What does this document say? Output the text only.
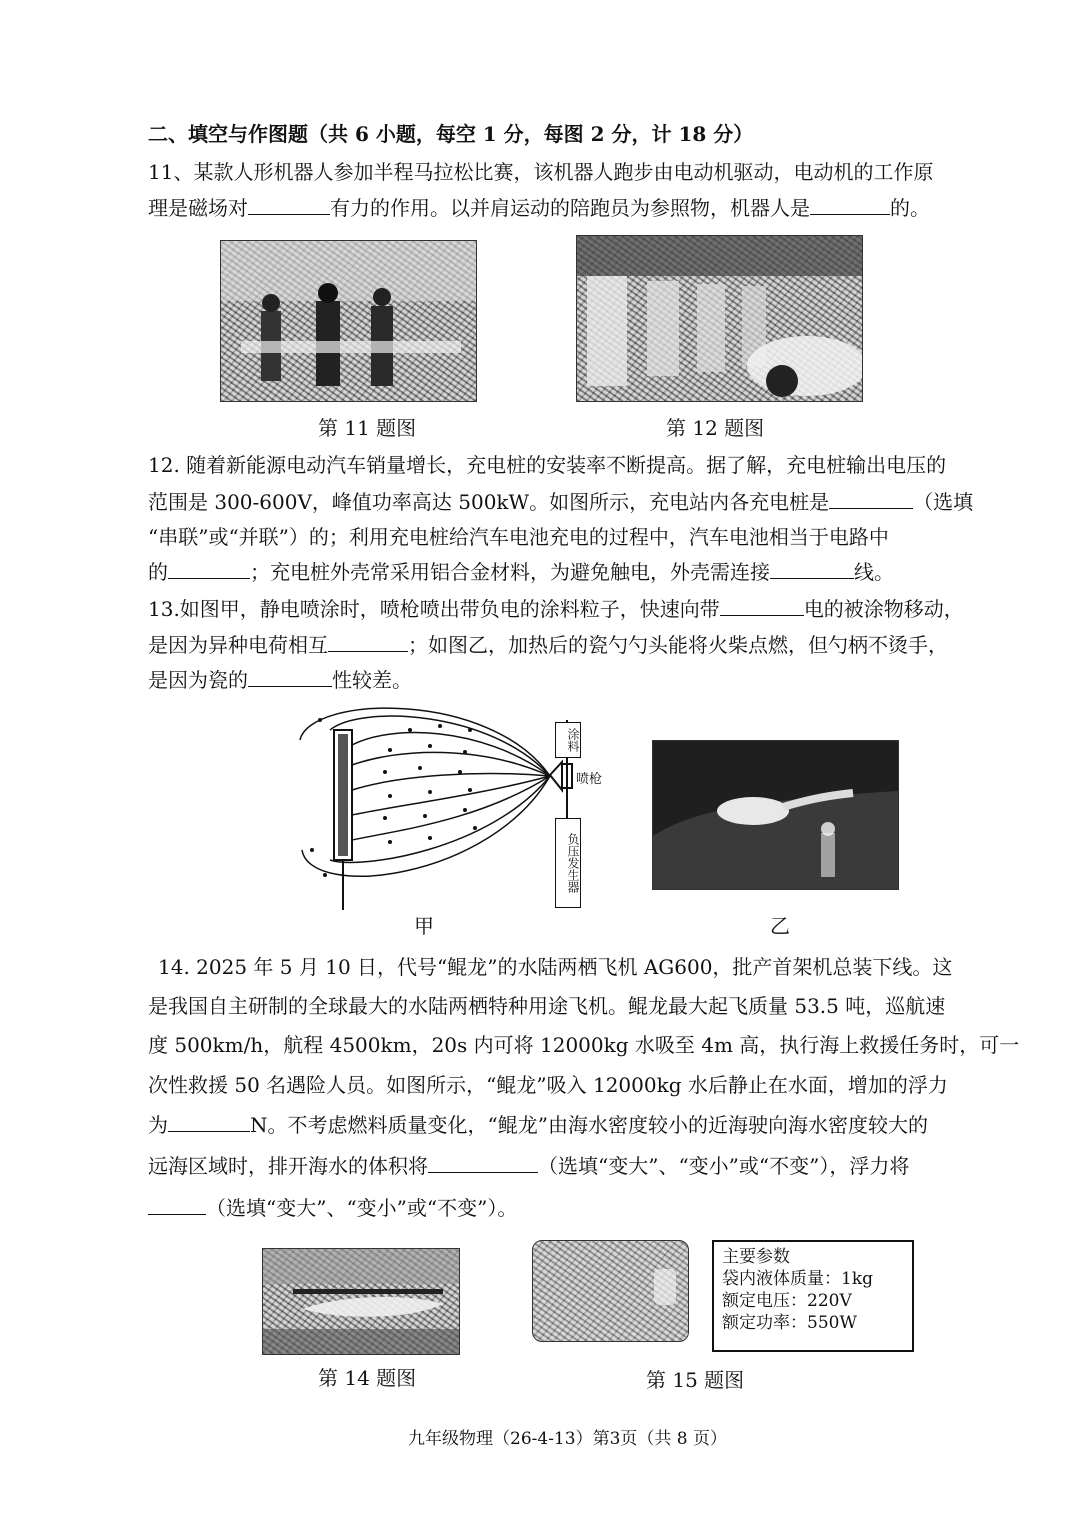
二、填空与作图题（共 6 小题，每空 1 分，每图 2 分，计 18 分）
11、某款人形机器人参加半程马拉松比赛，该机器人跑步由电动机驱动，电动机的工作原
理是磁场对	有力的作用。以并肩运动的陪跑员为参照物，机器人是	的。
第 11 题图	第 12 题图
12. 随着新能源电动汽车销量增长，充电桩的安装率不断提高。据了解，充电桩输出电压的
范围是 300-600V，峰值功率高达 500kW。如图所示，充电站内各充电桩是	（选填
“串联”或“并联”）的；利用充电桩给汽车电池充电的过程中，汽车电池相当于电路中
的	；充电桩外壳常采用铝合金材料，为避免触电，外壳需连接	线。
13.如图甲，静电喷涂时，喷枪喷出带负电的涂料粒子，快速向带	电的被涂物移动，
是因为异种电荷相互	；如图乙，加热后的瓷勺勺头能将火柴点燃，但勺柄不烫手，
是因为瓷的	性较差。
涂料
喷枪
负压发生器
甲	乙
14. 2025 年 5 月 10 日，代号“鲲龙”的水陆两栖飞机 AG600，批产首架机总装下线。这
是我国自主研制的全球最大的水陆两栖特种用途飞机。鲲龙最大起飞质量 53.5 吨，巡航速
度 500km/h，航程 4500km，20s 内可将 12000kg 水吸至 4m 高，执行海上救援任务时，可一
次性救援 50 名遇险人员。如图所示，“鲲龙”吸入 12000kg 水后静止在水面，增加的浮力
为	N。不考虑燃料质量变化，“鲲龙”由海水密度较小的近海驶向海水密度较大的
远海区域时，排开海水的体积将	（选填“变大”、“变小”或“不变”），浮力将
（选填“变大”、“变小”或“不变”）。
第 14 题图
主要参数
袋内液体质量：1kg
额定电压：220V
额定功率：550W
第 15 题图
九年级物理（26-4-13）第3页（共 8 页）
